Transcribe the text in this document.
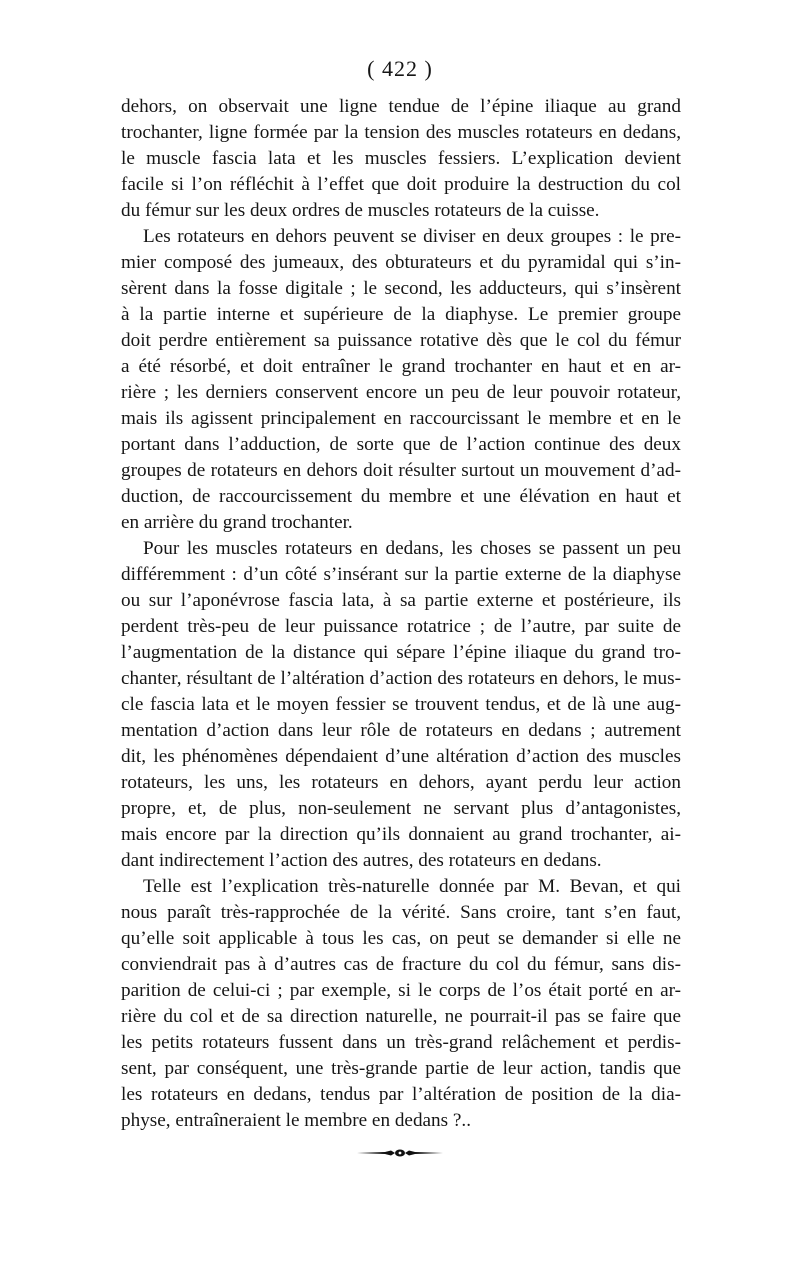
( 422 )
dehors, on observait une ligne tendue de l’épine iliaque au grand
trochanter, ligne formée par la tension des muscles rotateurs en dedans,
le muscle fascia lata et les muscles fessiers. L’explication devient
facile si l’on réfléchit à l’effet que doit produire la destruction du col
du fémur sur les deux ordres de muscles rotateurs de la cuisse.
Les rotateurs en dehors peuvent se diviser en deux groupes : le pre-
mier composé des jumeaux, des obturateurs et du pyramidal qui s’in-
sèrent dans la fosse digitale ; le second, les adducteurs, qui s’insèrent
à la partie interne et supérieure de la diaphyse. Le premier groupe
doit perdre entièrement sa puissance rotative dès que le col du fémur
a été résorbé, et doit entraîner le grand trochanter en haut et en ar-
rière ; les derniers conservent encore un peu de leur pouvoir rotateur,
mais ils agissent principalement en raccourcissant le membre et en le
portant dans l’adduction, de sorte que de l’action continue des deux
groupes de rotateurs en dehors doit résulter surtout un mouvement d’ad-
duction, de raccourcissement du membre et une élévation en haut et
en arrière du grand trochanter.
Pour les muscles rotateurs en dedans, les choses se passent un peu
différemment : d’un côté s’insérant sur la partie externe de la diaphyse
ou sur l’aponévrose fascia lata, à sa partie externe et postérieure, ils
perdent très-peu de leur puissance rotatrice ; de l’autre, par suite de
l’augmentation de la distance qui sépare l’épine iliaque du grand tro-
chanter, résultant de l’altération d’action des rotateurs en dehors, le mus-
cle fascia lata et le moyen fessier se trouvent tendus, et de là une aug-
mentation d’action dans leur rôle de rotateurs en dedans ; autrement
dit, les phénomènes dépendaient d’une altération d’action des muscles
rotateurs, les uns, les rotateurs en dehors, ayant perdu leur action
propre, et, de plus, non-seulement ne servant plus d’antagonistes,
mais encore par la direction qu’ils donnaient au grand trochanter, ai-
dant indirectement l’action des autres, des rotateurs en dedans.
Telle est l’explication très-naturelle donnée par M. Bevan, et qui
nous paraît très-rapprochée de la vérité. Sans croire, tant s’en faut,
qu’elle soit applicable à tous les cas, on peut se demander si elle ne
conviendrait pas à d’autres cas de fracture du col du fémur, sans dis-
parition de celui-ci ; par exemple, si le corps de l’os était porté en ar-
rière du col et de sa direction naturelle, ne pourrait-il pas se faire que
les petits rotateurs fussent dans un très-grand relâchement et perdis-
sent, par conséquent, une très-grande partie de leur action, tandis que
les rotateurs en dedans, tendus par l’altération de position de la dia-
physe, entraîneraient le membre en dedans ?..
